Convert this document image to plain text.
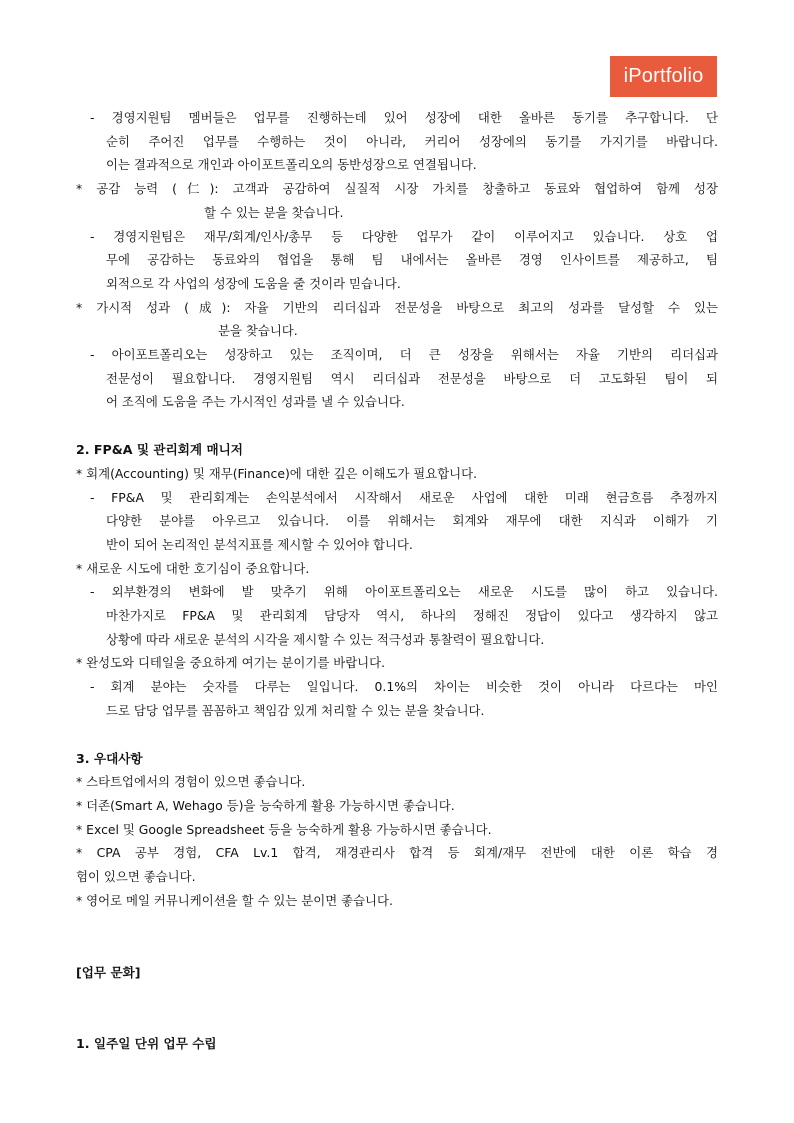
iPortfolio
- 경영지원팀 멤버들은 업무를 진행하는데 있어 성장에 대한 올바른 동기를 추구합니다. 단
순히 주어진 업무를 수행하는 것이 아니라, 커리어 성장에의 동기를 가지기를 바랍니다.
이는 결과적으로 개인과 아이포트폴리오의 동반성장으로 연결됩니다.
* 공감 능력 (仁): 고객과 공감하여 실질적 시장 가치를 창출하고 동료와 협업하여 함께 성장
할 수 있는 분을 찾습니다.
- 경영지원팀은 재무/회계/인사/총무 등 다양한 업무가 같이 이루어지고 있습니다. 상호 업
무에 공감하는 동료와의 협업을 통해 팀 내에서는 올바른 경영 인사이트를 제공하고, 팀
외적으로 각 사업의 성장에 도움을 줄 것이라 믿습니다.
* 가시적 성과 (成): 자율 기반의 리더십과 전문성을 바탕으로 최고의 성과를 달성할 수 있는
분을 찾습니다.
- 아이포트폴리오는 성장하고 있는 조직이며, 더 큰 성장을 위해서는 자율 기반의 리더십과
전문성이 필요합니다. 경영지원팀 역시 리더십과 전문성을 바탕으로 더 고도화된 팀이 되
어 조직에 도움을 주는 가시적인 성과를 낼 수 있습니다.
2. FP&A 및 관리회계 매니저
* 회계(Accounting) 및 재무(Finance)에 대한 깊은 이해도가 필요합니다.
- FP&A 및 관리회계는 손익분석에서 시작해서 새로운 사업에 대한 미래 현금흐름 추정까지
다양한 분야를 아우르고 있습니다. 이를 위해서는 회계와 재무에 대한 지식과 이해가 기
반이 되어 논리적인 분석지표를 제시할 수 있어야 합니다.
* 새로운 시도에 대한 호기심이 중요합니다.
- 외부환경의 변화에 발 맞추기 위해 아이포트폴리오는 새로운 시도를 많이 하고 있습니다.
마찬가지로 FP&A 및 관리회계 담당자 역시, 하나의 정해진 정답이 있다고 생각하지 않고
상황에 따라 새로운 분석의 시각을 제시할 수 있는 적극성과 통찰력이 필요합니다.
* 완성도와 디테일을 중요하게 여기는 분이기를 바랍니다.
- 회계 분야는 숫자를 다루는 일입니다. 0.1%의 차이는 비슷한 것이 아니라 다르다는 마인
드로 담당 업무를 꼼꼼하고 책임감 있게 처리할 수 있는 분을 찾습니다.
3. 우대사항
* 스타트업에서의 경험이 있으면 좋습니다.
* 더존(Smart A, Wehago 등)을 능숙하게 활용 가능하시면 좋습니다.
* Excel 및 Google Spreadsheet 등을 능숙하게 활용 가능하시면 좋습니다.
* CPA 공부 경험, CFA Lv.1 합격, 재경관리사 합격 등 회계/재무 전반에 대한 이론 학습 경
험이 있으면 좋습니다.
* 영어로 메일 커뮤니케이션을 할 수 있는 분이면 좋습니다.
[업무 문화]
1. 일주일 단위 업무 수립
